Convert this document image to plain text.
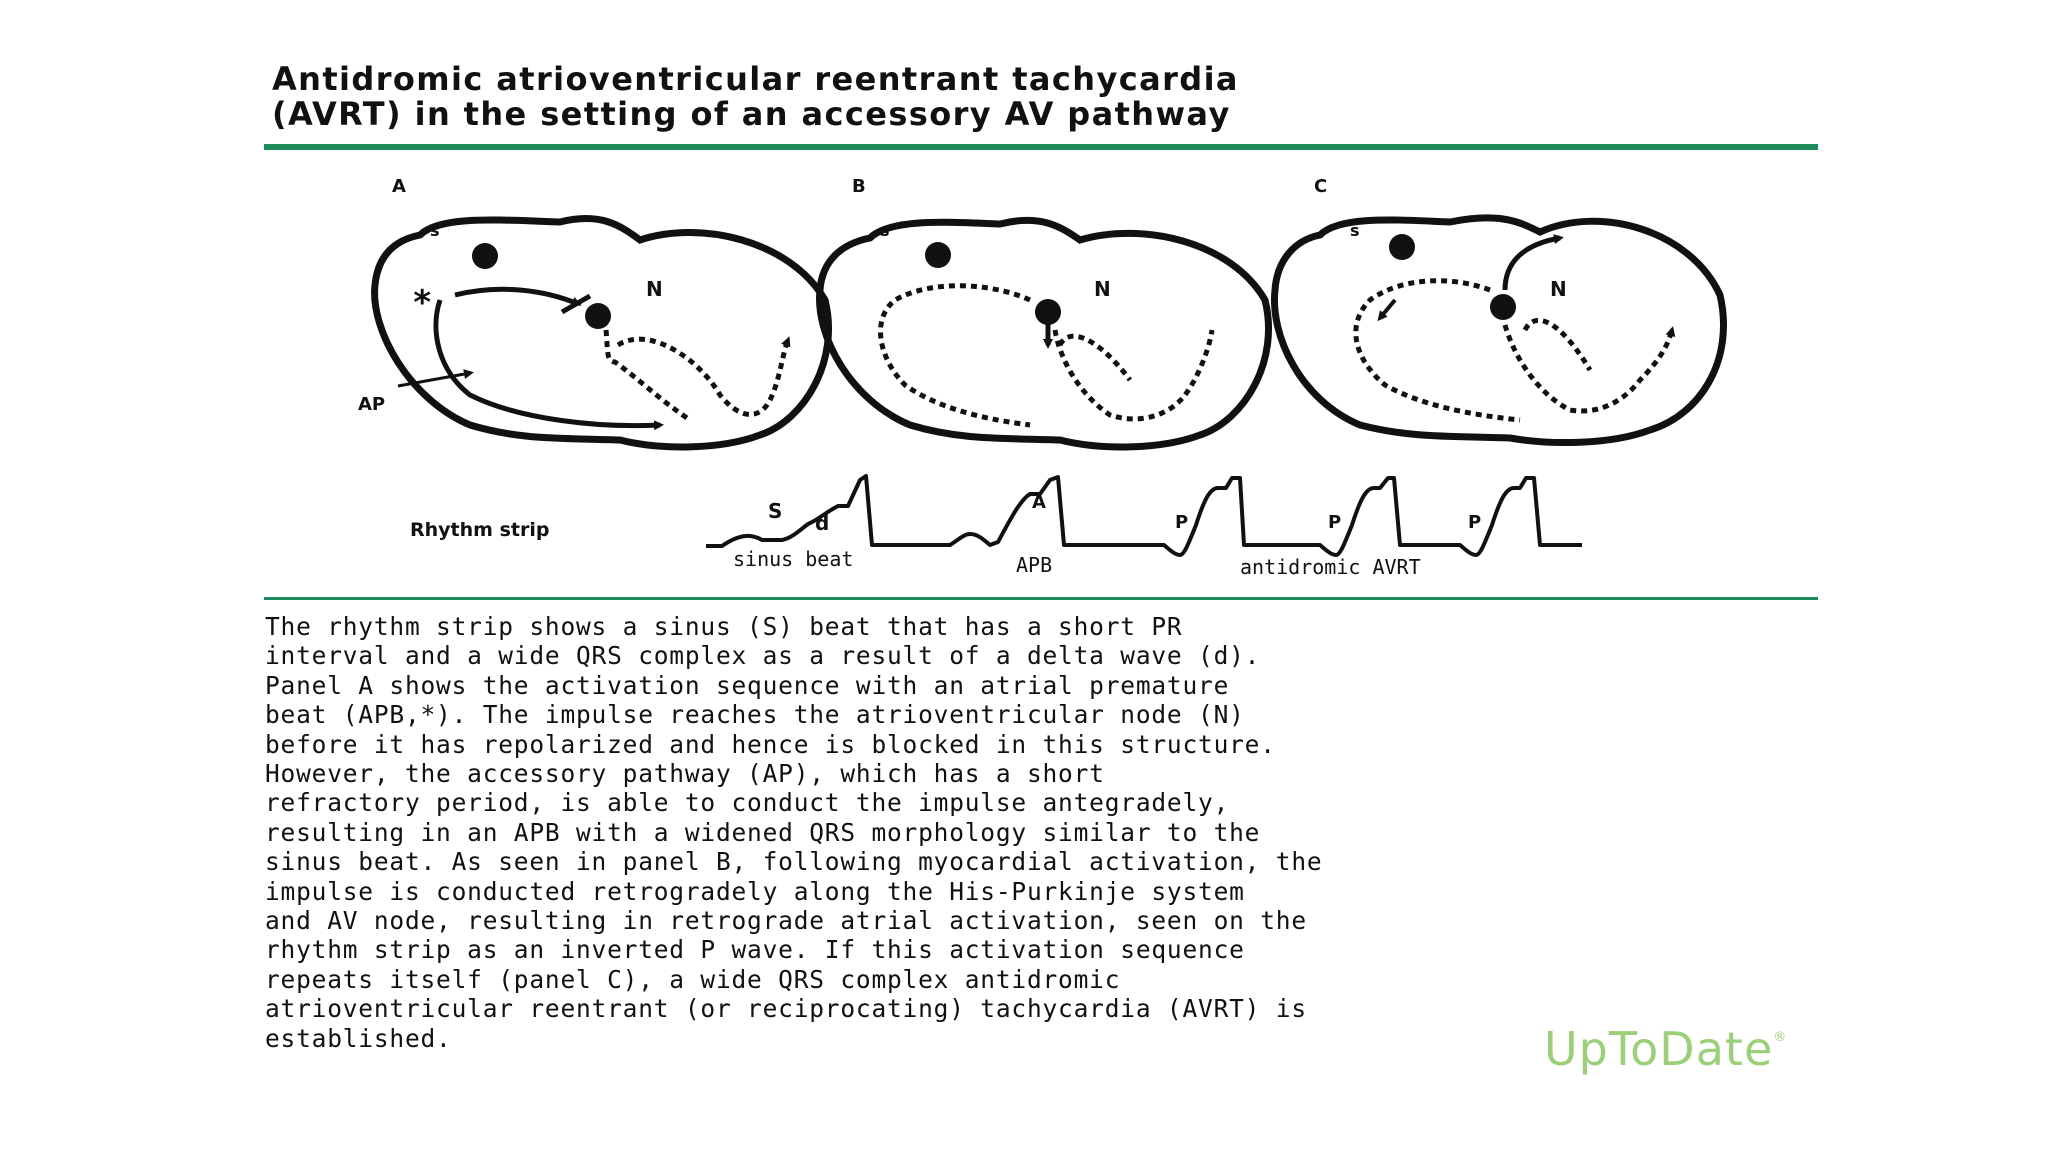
Antidromic atrioventricular reentrant tachycardia
(AVRT) in the setting of an accessory AV pathway
A
s
N
*
AP
B
s
N
C
s
N
Rhythm strip
S d
A
P	P	P
sinus beat	APB	antidromic AVRT
The rhythm strip shows a sinus (S) beat that has a short PR
interval and a wide QRS complex as a result of a delta wave (d).
Panel A shows the activation sequence with an atrial premature
beat (APB,*). The impulse reaches the atrioventricular node (N)
before it has repolarized and hence is blocked in this structure.
However, the accessory pathway (AP), which has a short
refractory period, is able to conduct the impulse antegradely,
resulting in an APB with a widened QRS morphology similar to the
sinus beat. As seen in panel B, following myocardial activation, the
impulse is conducted retrogradely along the His-Purkinje system
and AV node, resulting in retrograde atrial activation, seen on the
rhythm strip as an inverted P wave. If this activation sequence
repeats itself (panel C), a wide QRS complex antidromic
atrioventricular reentrant (or reciprocating) tachycardia (AVRT) is
established.	UpToDate®
